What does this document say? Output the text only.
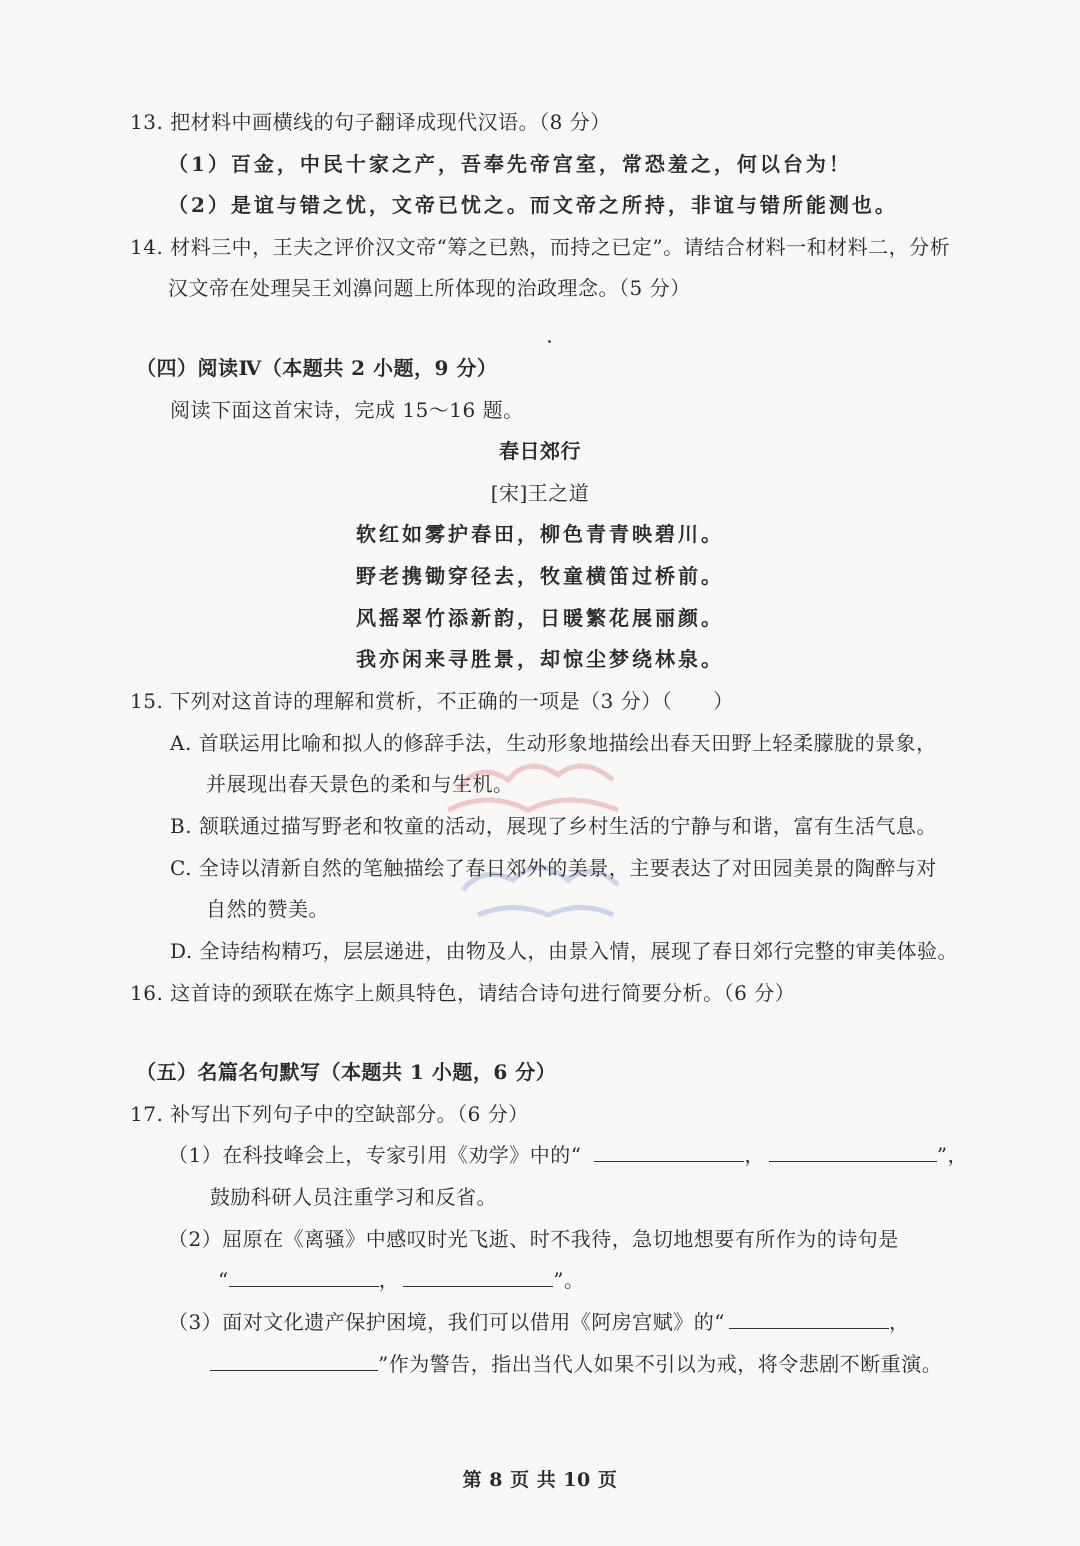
13. 把材料中画横线的句子翻译成现代汉语。（8 分）
（1）百金，中民十家之产，吾奉先帝宫室，常恐羞之，何以台为！
（2）是谊与错之忧，文帝已忧之。而文帝之所持，非谊与错所能测也。
14. 材料三中，王夫之评价汉文帝“筹之已熟，而持之已定”。请结合材料一和材料二，分析
汉文帝在处理吴王刘濞问题上所体现的治政理念。（5 分）
（四）阅读Ⅳ（本题共 2 小题，9 分）
阅读下面这首宋诗，完成 15～16 题。
春日郊行
[宋]王之道
软红如雾护春田，柳色青青映碧川。
野老携锄穿径去，牧童横笛过桥前。
风摇翠竹添新韵，日暖繁花展丽颜。
我亦闲来寻胜景，却惊尘梦绕林泉。
15. 下列对这首诗的理解和赏析，不正确的一项是（3 分）（　　）
A. 首联运用比喻和拟人的修辞手法，生动形象地描绘出春天田野上轻柔朦胧的景象，
并展现出春天景色的柔和与生机。
B. 颔联通过描写野老和牧童的活动，展现了乡村生活的宁静与和谐，富有生活气息。
C. 全诗以清新自然的笔触描绘了春日郊外的美景，主要表达了对田园美景的陶醉与对
自然的赞美。
D. 全诗结构精巧，层层递进，由物及人，由景入情，展现了春日郊行完整的审美体验。
16. 这首诗的颈联在炼字上颇具特色，请结合诗句进行简要分析。（6 分）
（五）名篇名句默写（本题共 1 小题，6 分）
17. 补写出下列句子中的空缺部分。（6 分）
（1）在科技峰会上，专家引用《劝学》中的“	，	”，
鼓励科研人员注重学习和反省。
（2）屈原在《离骚》中感叹时光飞逝、时不我待，急切地想要有所作为的诗句是
“	，	”。
（3）面对文化遗产保护困境，我们可以借用《阿房宫赋》的“	，
”作为警告，指出当代人如果不引以为戒，将令悲剧不断重演。
第 8 页 共 10 页
